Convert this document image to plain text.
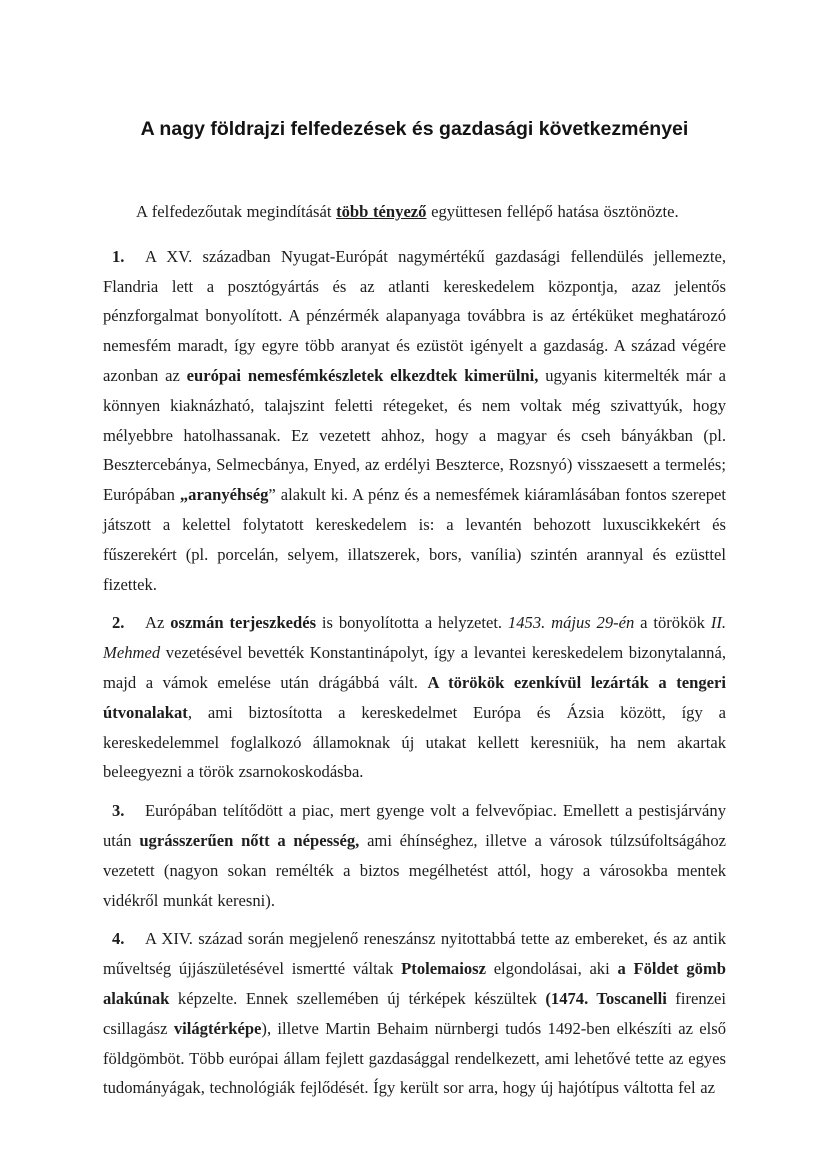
A nagy földrajzi felfedezések és gazdasági következményei

A felfedezőutak megindítását több tényező együttesen fellépő hatása ösztönözte.

1. A XV. században Nyugat-Európát nagymértékű gazdasági fellendülés jellemezte, Flandria lett a posztógyártás és az atlanti kereskedelem központja, azaz jelentős pénzforgalmat bonyolított. A pénzérmék alapanyaga továbbra is az értéküket meghatározó nemesfém maradt, így egyre több aranyat és ezüstöt igényelt a gazdaság. A század végére azonban az európai nemesfémkészletek elkezdtek kimerülni, ugyanis kitermelték már a könnyen kiaknázható, talajszint feletti rétegeket, és nem voltak még szivattyúk, hogy mélyebbre hatolhassanak. Ez vezetett ahhoz, hogy a magyar és cseh bányákban (pl. Besztercebánya, Selmecbánya, Enyed, az erdélyi Beszterce, Rozsnyó) visszaesett a termelés; Európában „aranyéhség” alakult ki. A pénz és a nemesfémek kiáramlásában fontos szerepet játszott a kelettel folytatott kereskedelem is: a levantén behozott luxuscikkekért és fűszerekért (pl. porcelán, selyem, illatszerek, bors, vanília) szintén arannyal és ezüsttel fizettek.

2. Az oszmán terjeszkedés is bonyolította a helyzetet. 1453. május 29-én a törökök II. Mehmed vezetésével bevették Konstantinápolyt, így a levantei kereskedelem bizonytalanná, majd a vámok emelése után drágábbá vált. A törökök ezenkívül lezárták a tengeri útvonalakat, ami biztosította a kereskedelmet Európa és Ázsia között, így a kereskedelemmel foglalkozó államoknak új utakat kellett keresniük, ha nem akartak beleegyezni a török zsarnokoskodásba.

3. Európában telítődött a piac, mert gyenge volt a felvevőpiac. Emellett a pestisjárvány után ugrásszerűen nőtt a népesség, ami éhínséghez, illetve a városok túlzsúfoltságához vezetett (nagyon sokan remélték a biztos megélhetést attól, hogy a városokba mentek vidékről munkát keresni).

4. A XIV. század során megjelenő reneszánsz nyitottabbá tette az embereket, és az antik műveltség újjászületésével ismertté váltak Ptolemaiosz elgondolásai, aki a Földet gömb alakúnak képzelte. Ennek szellemében új térképek készültek (1474. Toscanelli firenzei csillagász világtérképe), illetve Martin Behaim nürnbergi tudós 1492-ben elkészíti az első földgömböt. Több európai állam fejlett gazdasággal rendelkezett, ami lehetővé tette az egyes tudományágak, technológiák fejlődését. Így került sor arra, hogy új hajótípus váltotta fel az
